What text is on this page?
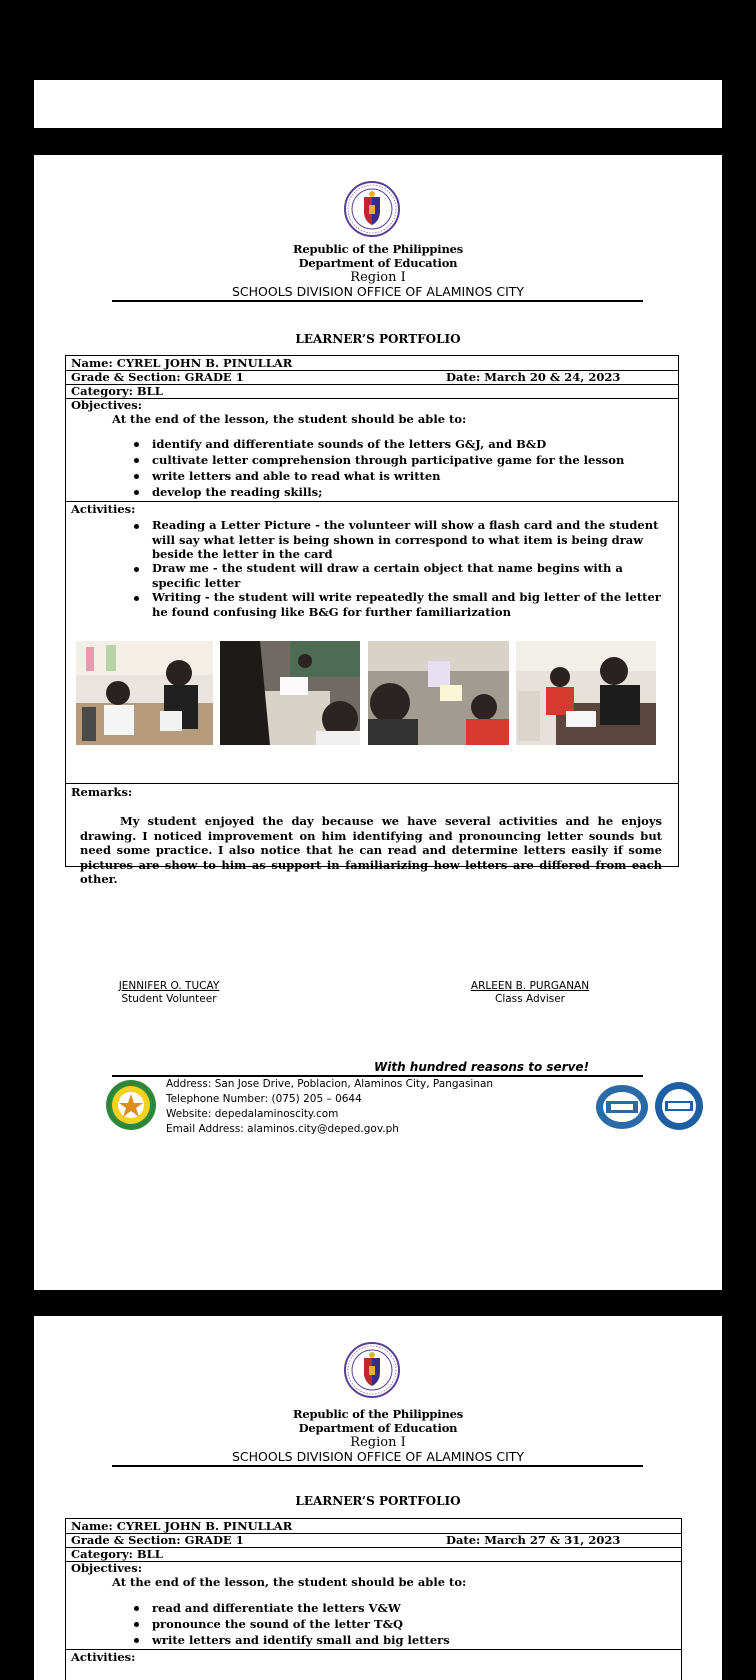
Republic of the Philippines
Department of Education
Region I
SCHOOLS DIVISION OFFICE OF ALAMINOS CITY
LEARNER’S PORTFOLIO
Name: CYREL JOHN B. PINULLAR
Grade & Section: GRADE 1	Date: March 20 & 24, 2023
Category: BLL
Objectives:
At the end of the lesson, the student should be able to:
identify and differentiate sounds of the letters G&J, and B&D
cultivate letter comprehension through participative game for the lesson
write letters and able to read what is written
develop the reading skills;
Activities:
Reading a Letter Picture - the volunteer will show a flash card and the student will say what letter is being shown in correspond to what item is being draw beside the letter in the card
Draw me - the student will draw a certain object that name begins with a specific letter
Writing - the student will write repeatedly the small and big letter of the letter he found confusing like B&G for further familiarization
Remarks:
My student enjoyed the day because we have several activities and he enjoys drawing. I noticed improvement on him identifying and pronouncing letter sounds but need some practice. I also notice that he can read and determine letters easily if some pictures are show to him as support in familiarizing how letters are differed from each other.
JENNIFER O. TUCAY
Student Volunteer
ARLEEN B. PURGANAN
Class Adviser
With hundred reasons to serve!
Address: San Jose Drive, Poblacion, Alaminos City, Pangasinan
Telephone Number: (075) 205 – 0644
Website: depedalaminoscity.com
Email Address: alaminos.city@deped.gov.ph
Republic of the Philippines
Department of Education
Region I
SCHOOLS DIVISION OFFICE OF ALAMINOS CITY
LEARNER’S PORTFOLIO
Name: CYREL JOHN B. PINULLAR
Grade & Section: GRADE 1	Date: March 27 & 31, 2023
Category: BLL
Objectives:
At the end of the lesson, the student should be able to:
read and differentiate the letters V&W
pronounce the sound of the letter T&Q
write letters and identify small and big letters
Activities:
